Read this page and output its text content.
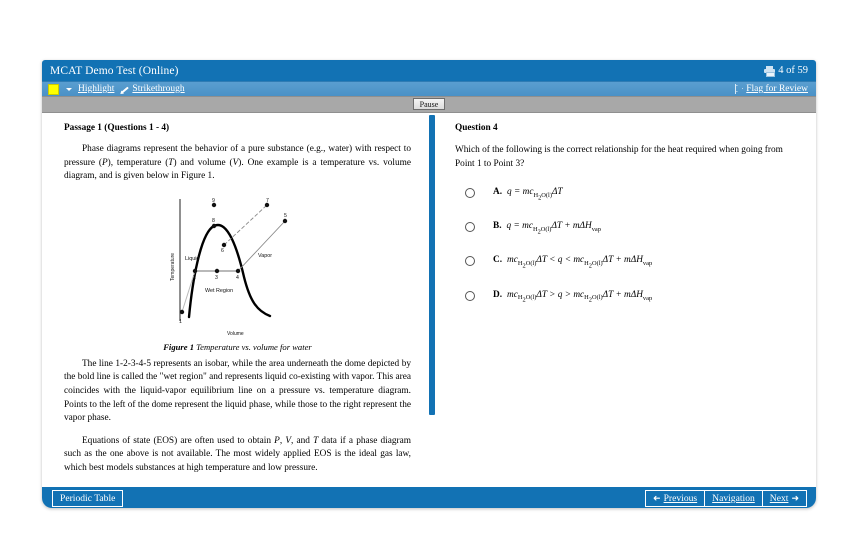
MCAT Demo Test (Online)	4 of 59
Highlight Strikethrough	Flag for Review
Pause
Passage 1 (Questions 1 - 4)

Phase diagrams represent the behavior of a pure substance (e.g., water) with respect to pressure (P), temperature (T) and volume (V). One example is a temperature vs. volume diagram, and is given below in Figure 1.

1
2	3	4
5
6
7
8
9
Liquid
Wet Region
Vapor
Temperature
Volume
Figure 1 Temperature vs. volume for water

The line 1-2-3-4-5 represents an isobar, while the area underneath the dome depicted by the bold line is called the "wet region" and represents liquid co-existing with vapor. This area coincides with the liquid-vapor equilibrium line on a pressure vs. temperature diagram. Points to the left of the dome represent the liquid phase, while those to the right represent the vapor phase.

Equations of state (EOS) are often used to obtain P, V, and T data if a phase diagram such as the one above is not available. The most widely applied EOS is the ideal gas law, which best models substances at high temperature and low pressure.

Question 4
Which of the following is the correct relationship for the heat required when going from Point 1 to Point 3?
A. $q = mc_{H_2O(l)}\Delta T$
B. $q = mc_{H_2O(l)}\Delta T + m\Delta H_{vap}$
C. $mc_{H_2O(l)}\Delta T < q < mc_{H_2O(l)}\Delta T + m\Delta H_{vap}$
D. $mc_{H_2O(l)}\Delta T > q > mc_{H_2O(l)}\Delta T + m\Delta H_{vap}$
Periodic Table	➜ Previous Navigation Next ➜
